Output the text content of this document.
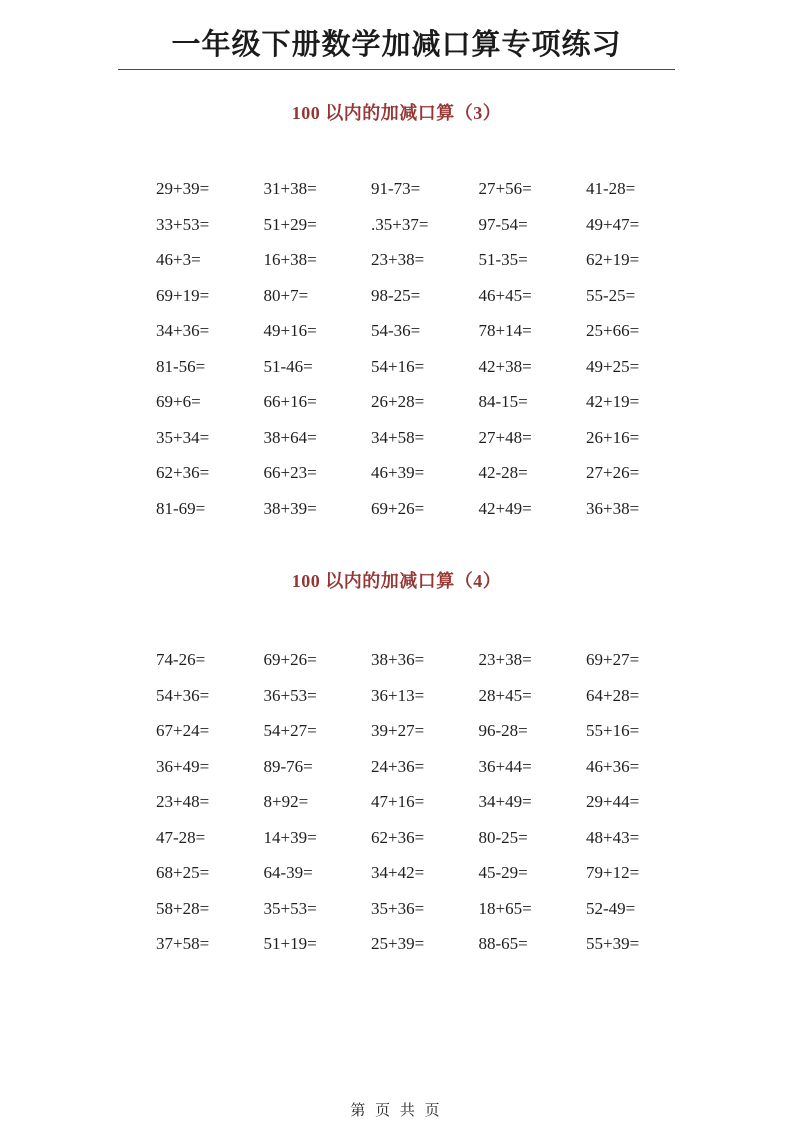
一年级下册数学加减口算专项练习
100 以内的加减口算（3）
29+39=	31+38=	91-73=	27+56=	41-28=
33+53=	51+29=	.35+37=	97-54=	49+47=
46+3=	16+38=	23+38=	51-35=	62+19=
69+19=	80+7=	98-25=	46+45=	55-25=
34+36=	49+16=	54-36=	78+14=	25+66=
81-56=	51-46=	54+16=	42+38=	49+25=
69+6=	66+16=	26+28=	84-15=	42+19=
35+34=	38+64=	34+58=	27+48=	26+16=
62+36=	66+23=	46+39=	42-28=	27+26=
81-69=	38+39=	69+26=	42+49=	36+38=
100 以内的加减口算（4）
74-26=	69+26=	38+36=	23+38=	69+27=
54+36=	36+53=	36+13=	28+45=	64+28=
67+24=	54+27=	39+27=	96-28=	55+16=
36+49=	89-76=	24+36=	36+44=	46+36=
23+48=	8+92=	47+16=	34+49=	29+44=
47-28=	14+39=	62+36=	80-25=	48+43=
68+25=	64-39=	34+42=	45-29=	79+12=
58+28=	35+53=	35+36=	18+65=	52-49=
37+58=	51+19=	25+39=	88-65=	55+39=
第 页 共 页
